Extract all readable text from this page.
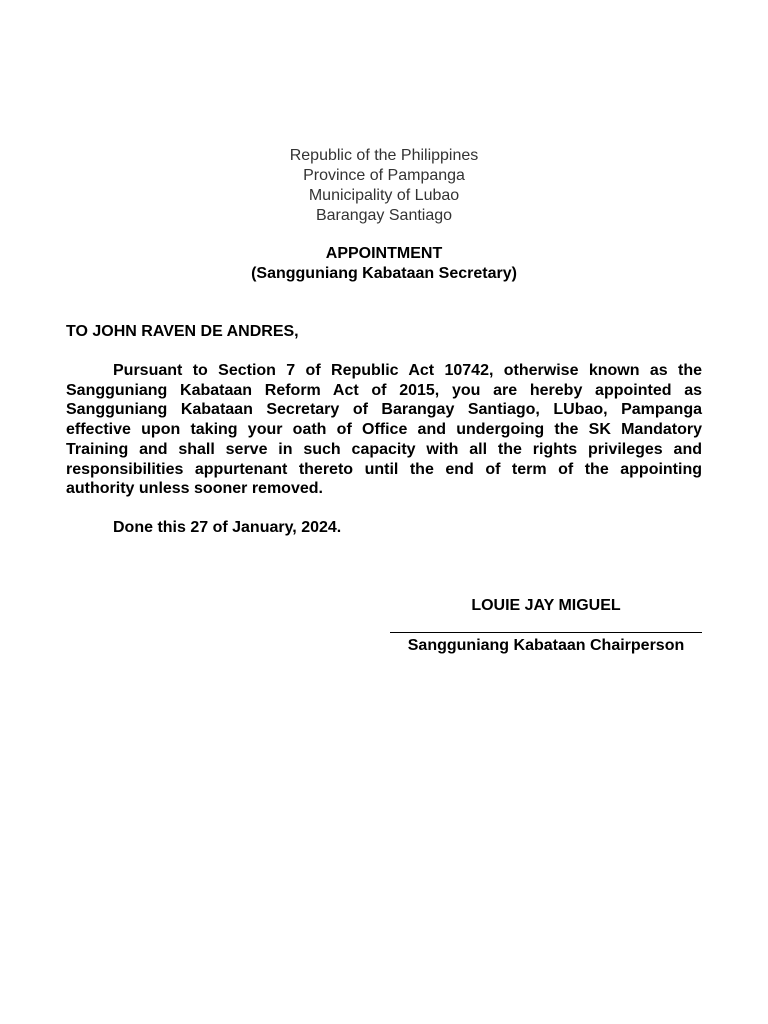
Republic of the Philippines
Province of Pampanga
Municipality of Lubao
Barangay Santiago
APPOINTMENT
(Sangguniang Kabataan Secretary)
TO JOHN RAVEN DE ANDRES,

Pursuant to Section 7 of Republic Act 10742, otherwise known as the Sangguniang Kabataan Reform Act of 2015, you are hereby appointed as Sangguniang Kabataan Secretary of Barangay Santiago, LUbao, Pampanga effective upon taking your oath of Office and undergoing the SK Mandatory Training and shall serve in such capacity with all the rights privileges and responsibilities appurtenant thereto until the end of term of the appointing authority unless sooner removed.

Done this 27 of January, 2024.
LOUIE JAY MIGUEL
Sangguniang Kabataan Chairperson
